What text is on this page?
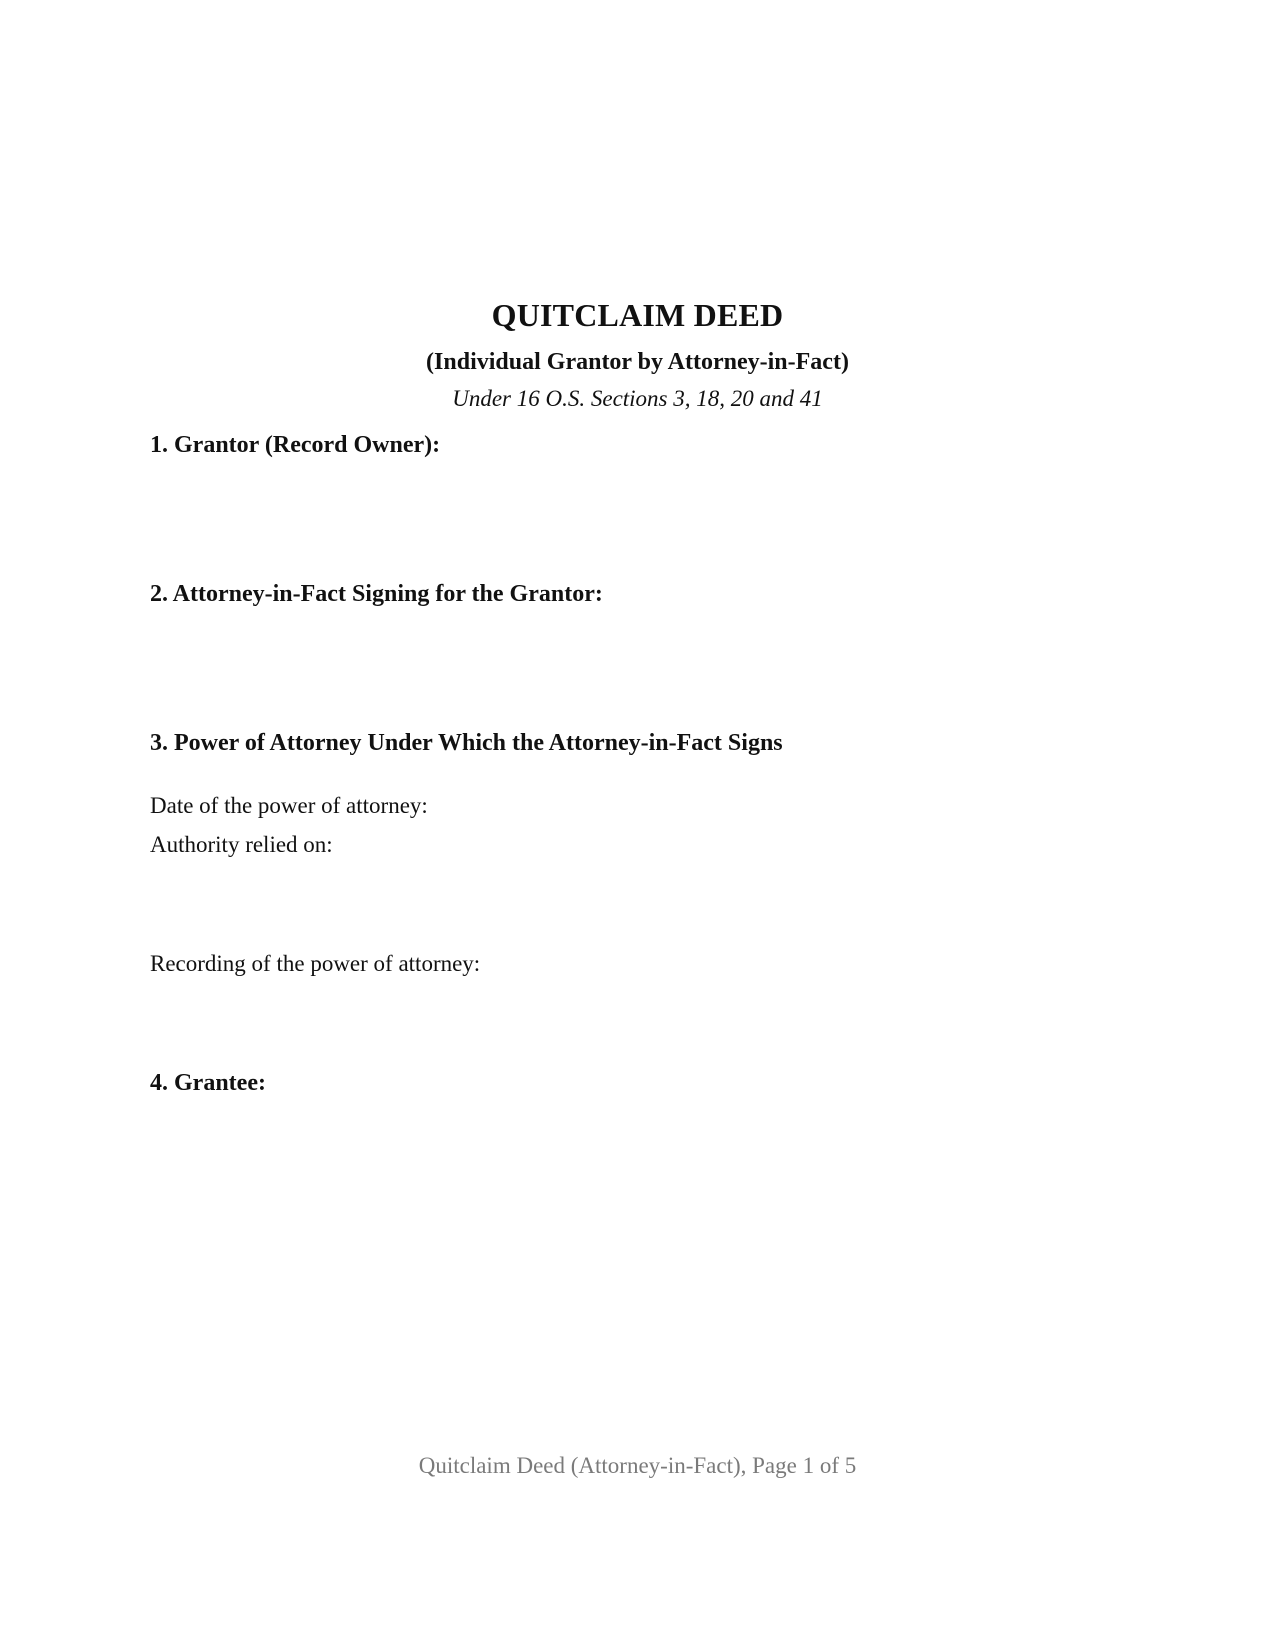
QUITCLAIM DEED
(Individual Grantor by Attorney-in-Fact)
Under 16 O.S. Sections 3, 18, 20 and 41
1. Grantor (Record Owner):
2. Attorney-in-Fact Signing for the Grantor:
3. Power of Attorney Under Which the Attorney-in-Fact Signs
Date of the power of attorney:
Authority relied on:
Recording of the power of attorney:
4. Grantee:
Quitclaim Deed (Attorney-in-Fact), Page 1 of 5
